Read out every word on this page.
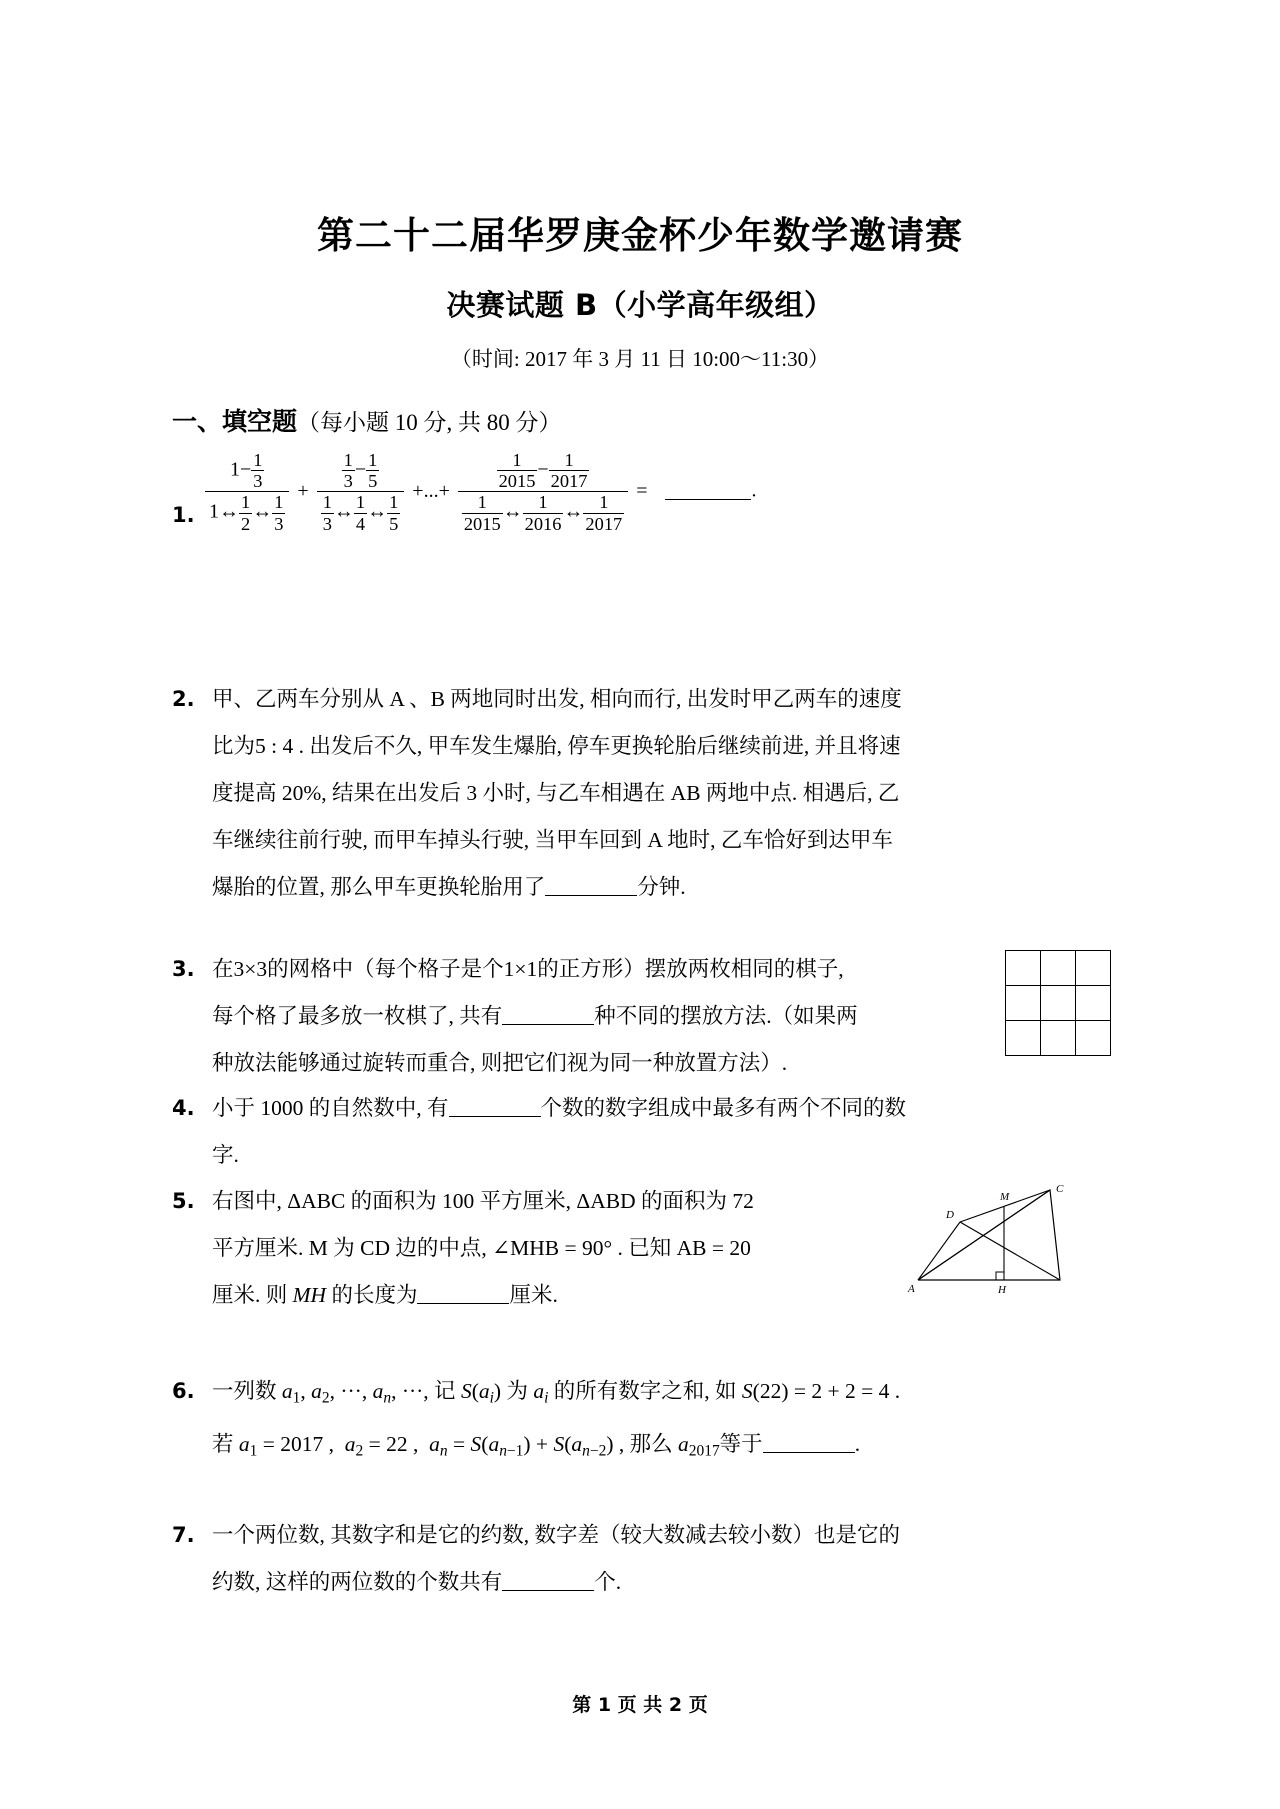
第二十二届华罗庚金杯少年数学邀请赛
决赛试题 B（小学高年级组）
（时间: 2017 年 3 月 11 日 10:00～11:30）
一、填空题（每小题 10 分, 共 80 分）
1. $\frac{1- \frac{1}{3}}{1\leftrightarrow \frac{1}{2} \leftrightarrow \frac{1}{3}} + \frac{\frac{1}{3} - \frac{1}{5}}{\frac{1}{3} \leftrightarrow \frac{1}{4} \leftrightarrow \frac{1}{5}}$ +...+ $\frac{\frac{1}{2015} - \frac{1}{2017}}{\frac{1}{2015} \leftrightarrow \frac{1}{2016} \leftrightarrow \frac{1}{2017}}$ =	.
2. 甲、乙两车分别从 A 、B 两地同时出发, 相向而行, 出发时甲乙两车的速度
比为5 : 4 . 出发后不久, 甲车发生爆胎, 停车更换轮胎后继续前进, 并且将速
度提高 20%, 结果在出发后 3 小时, 与乙车相遇在 AB 两地中点. 相遇后, 乙
车继续往前行驶, 而甲车掉头行驶, 当甲车回到 A 地时, 乙车恰好到达甲车
爆胎的位置, 那么甲车更换轮胎用了	分钟.
3. 在3×3的网格中（每个格子是个1×1的正方形）摆放两枚相同的棋子,
每个格了最多放一枚棋了, 共有	种不同的摆放方法.（如果两
种放法能够通过旋转而重合, 则把它们视为同一种放置方法）.

4. 小于 1000 的自然数中, 有	个数的数字组成中最多有两个不同的数
字.
5. 右图中, ΔABC 的面积为 100 平方厘米, ΔABD 的面积为 72
平方厘米. M 为 CD 边的中点, ∠MHB = 90° . 已知 AB = 20
厘米. 则 MH 的长度为	厘米.	A
C
D
M
H
6. 一列数 $a_1$, $a_2$, ···, $a_n$, ···, 记 $S(a_i)$ 为 $a_i$ 的所有数字之和, 如 S(22) = 2 + 2 = 4 .
若 $a_1 = 2017$ ,  $a_2 = 22$ ,  $a_n = S(a_{n-1}) + S(a_{n-2})$ , 那么 $a_{2017}$等于	.
7. 一个两位数, 其数字和是它的约数, 数字差（较大数减去较小数）也是它的
约数, 这样的两位数的个数共有	个.
第 1 页 共 2 页
